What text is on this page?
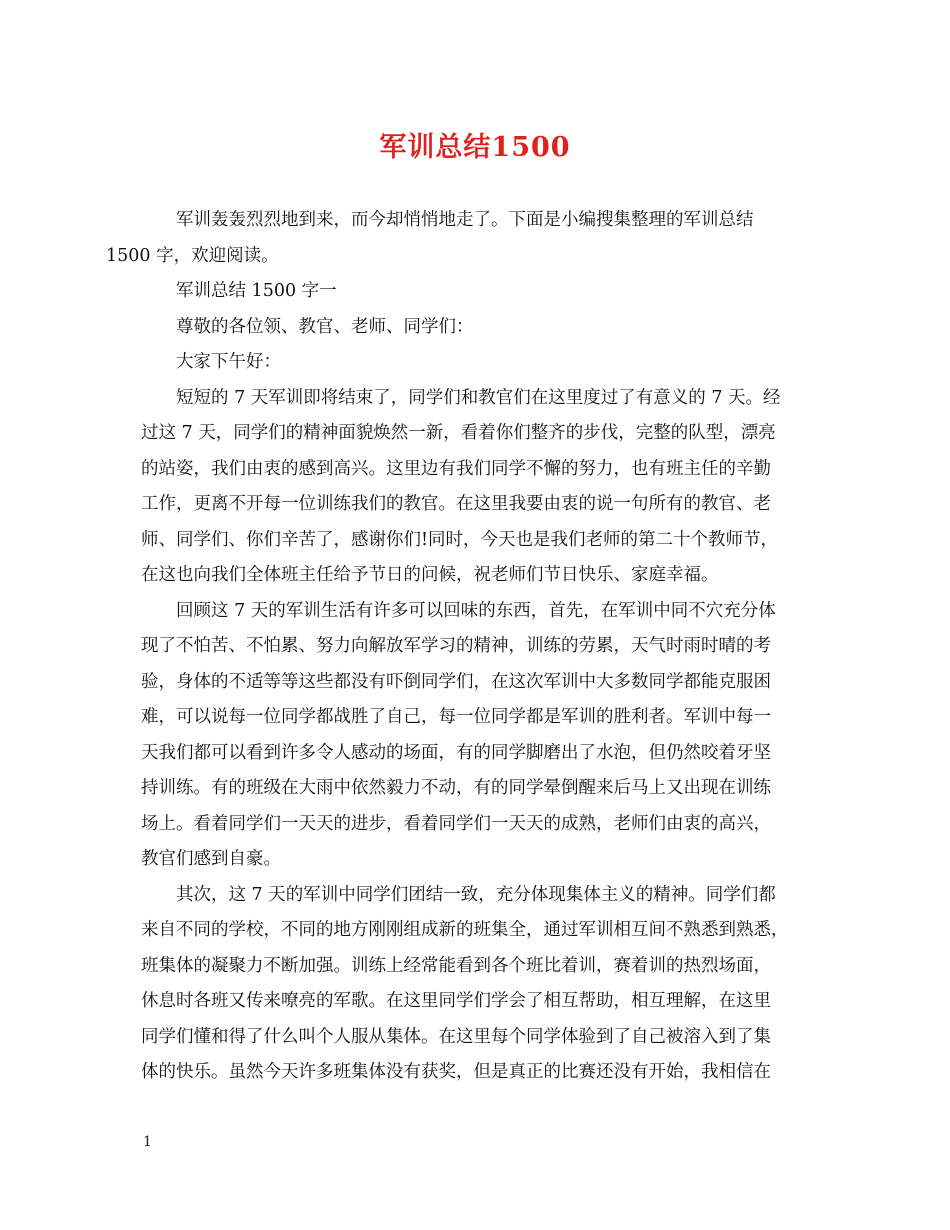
军训总结1500

军训轰轰烈烈地到来，而今却悄悄地走了。下面是小编搜集整理的军训总结
1500 字，欢迎阅读。

军训总结 1500 字一

尊敬的各位领、教官、老师、同学们：

大家下午好：

短短的 7 天军训即将结束了，同学们和教官们在这里度过了有意义的 7 天。经
过这 7 天，同学们的精神面貌焕然一新，看着你们整齐的步伐，完整的队型，漂亮
的站姿，我们由衷的感到高兴。这里边有我们同学不懈的努力，也有班主任的辛勤
工作，更离不开每一位训练我们的教官。在这里我要由衷的说一句所有的教官、老
师、同学们、你们辛苦了，感谢你们!同时，今天也是我们老师的第二十个教师节，
在这也向我们全体班主任给予节日的问候，祝老师们节日快乐、家庭幸福。

回顾这 7 天的军训生活有许多可以回味的东西，首先，在军训中同不穴充分体
现了不怕苦、不怕累、努力向解放军学习的精神，训练的劳累，天气时雨时晴的考
验，身体的不适等等这些都没有吓倒同学们，在这次军训中大多数同学都能克服困
难，可以说每一位同学都战胜了自己，每一位同学都是军训的胜利者。军训中每一
天我们都可以看到许多令人感动的场面，有的同学脚磨出了水泡，但仍然咬着牙坚
持训练。有的班级在大雨中依然毅力不动，有的同学晕倒醒来后马上又出现在训练
场上。看着同学们一天天的进步，看着同学们一天天的成熟，老师们由衷的高兴，
教官们感到自豪。

其次，这 7 天的军训中同学们团结一致，充分体现集体主义的精神。同学们都
来自不同的学校，不同的地方刚刚组成新的班集全，通过军训相互间不熟悉到熟悉，
班集体的凝聚力不断加强。训练上经常能看到各个班比着训，赛着训的热烈场面，
休息时各班又传来嘹亮的军歌。在这里同学们学会了相互帮助，相互理解，在这里
同学们懂和得了什么叫个人服从集体。在这里每个同学体验到了自己被溶入到了集
体的快乐。虽然今天许多班集体没有获奖，但是真正的比赛还没有开始，我相信在

1
